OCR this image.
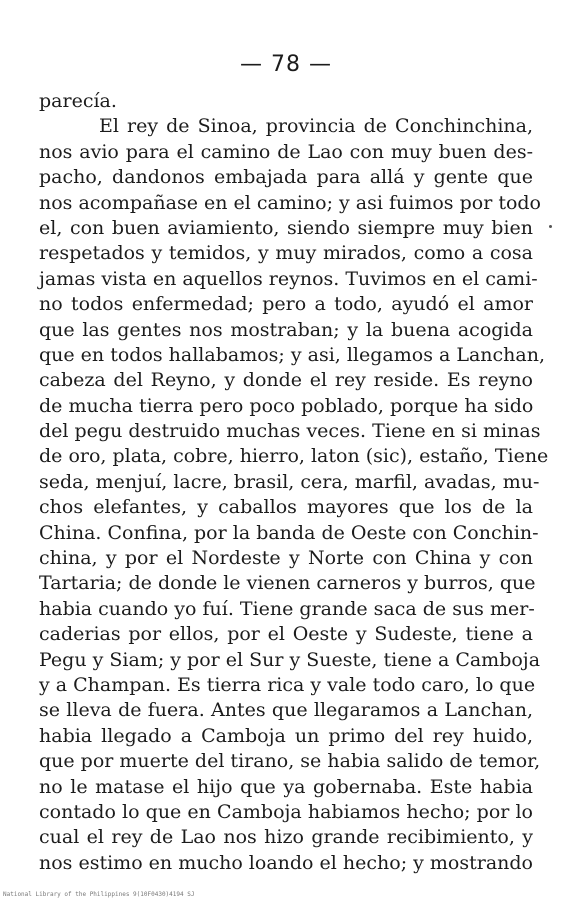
— 78 —
parecía.
El rey de Sinoa, provincia de Conchinchina,
nos avio para el camino de Lao con muy buen des-
pacho, dandonos embajada para allá y gente que
nos acompañase en el camino; y asi fuimos por todo
el, con buen aviamiento, siendo siempre muy bien
respetados y temidos, y muy mirados, como a cosa
jamas vista en aquellos reynos. Tuvimos en el cami-
no todos enfermedad; pero a todo, ayudó el amor
que las gentes nos mostraban; y la buena acogida
que en todos hallabamos; y asi, llegamos a Lanchan,
cabeza del Reyno, y donde el rey reside. Es reyno
de mucha tierra pero poco poblado, porque ha sido
del pegu destruido muchas veces. Tiene en si minas
de oro, plata, cobre, hierro, laton (sic), estaño, Tiene
seda, menjuí, lacre, brasil, cera, marfil, avadas, mu-
chos elefantes, y caballos mayores que los de la
China. Confina, por la banda de Oeste con Conchin-
china, y por el Nordeste y Norte con China y con
Tartaria; de donde le vienen carneros y burros, que
habia cuando yo fuí. Tiene grande saca de sus mer-
caderias por ellos, por el Oeste y Sudeste, tiene a
Pegu y Siam; y por el Sur y Sueste, tiene a Camboja
y a Champan. Es tierra rica y vale todo caro, lo que
se lleva de fuera. Antes que llegaramos a Lanchan,
habia llegado a Camboja un primo del rey huido,
que por muerte del tirano, se habia salido de temor,
no le matase el hijo que ya gobernaba. Este habia
contado lo que en Camboja habiamos hecho; por lo
cual el rey de Lao nos hizo grande recibimiento, y
nos estimo en mucho loando el hecho; y mostrando
National Library of the Philippines 9(10F0430)4194 SJ
